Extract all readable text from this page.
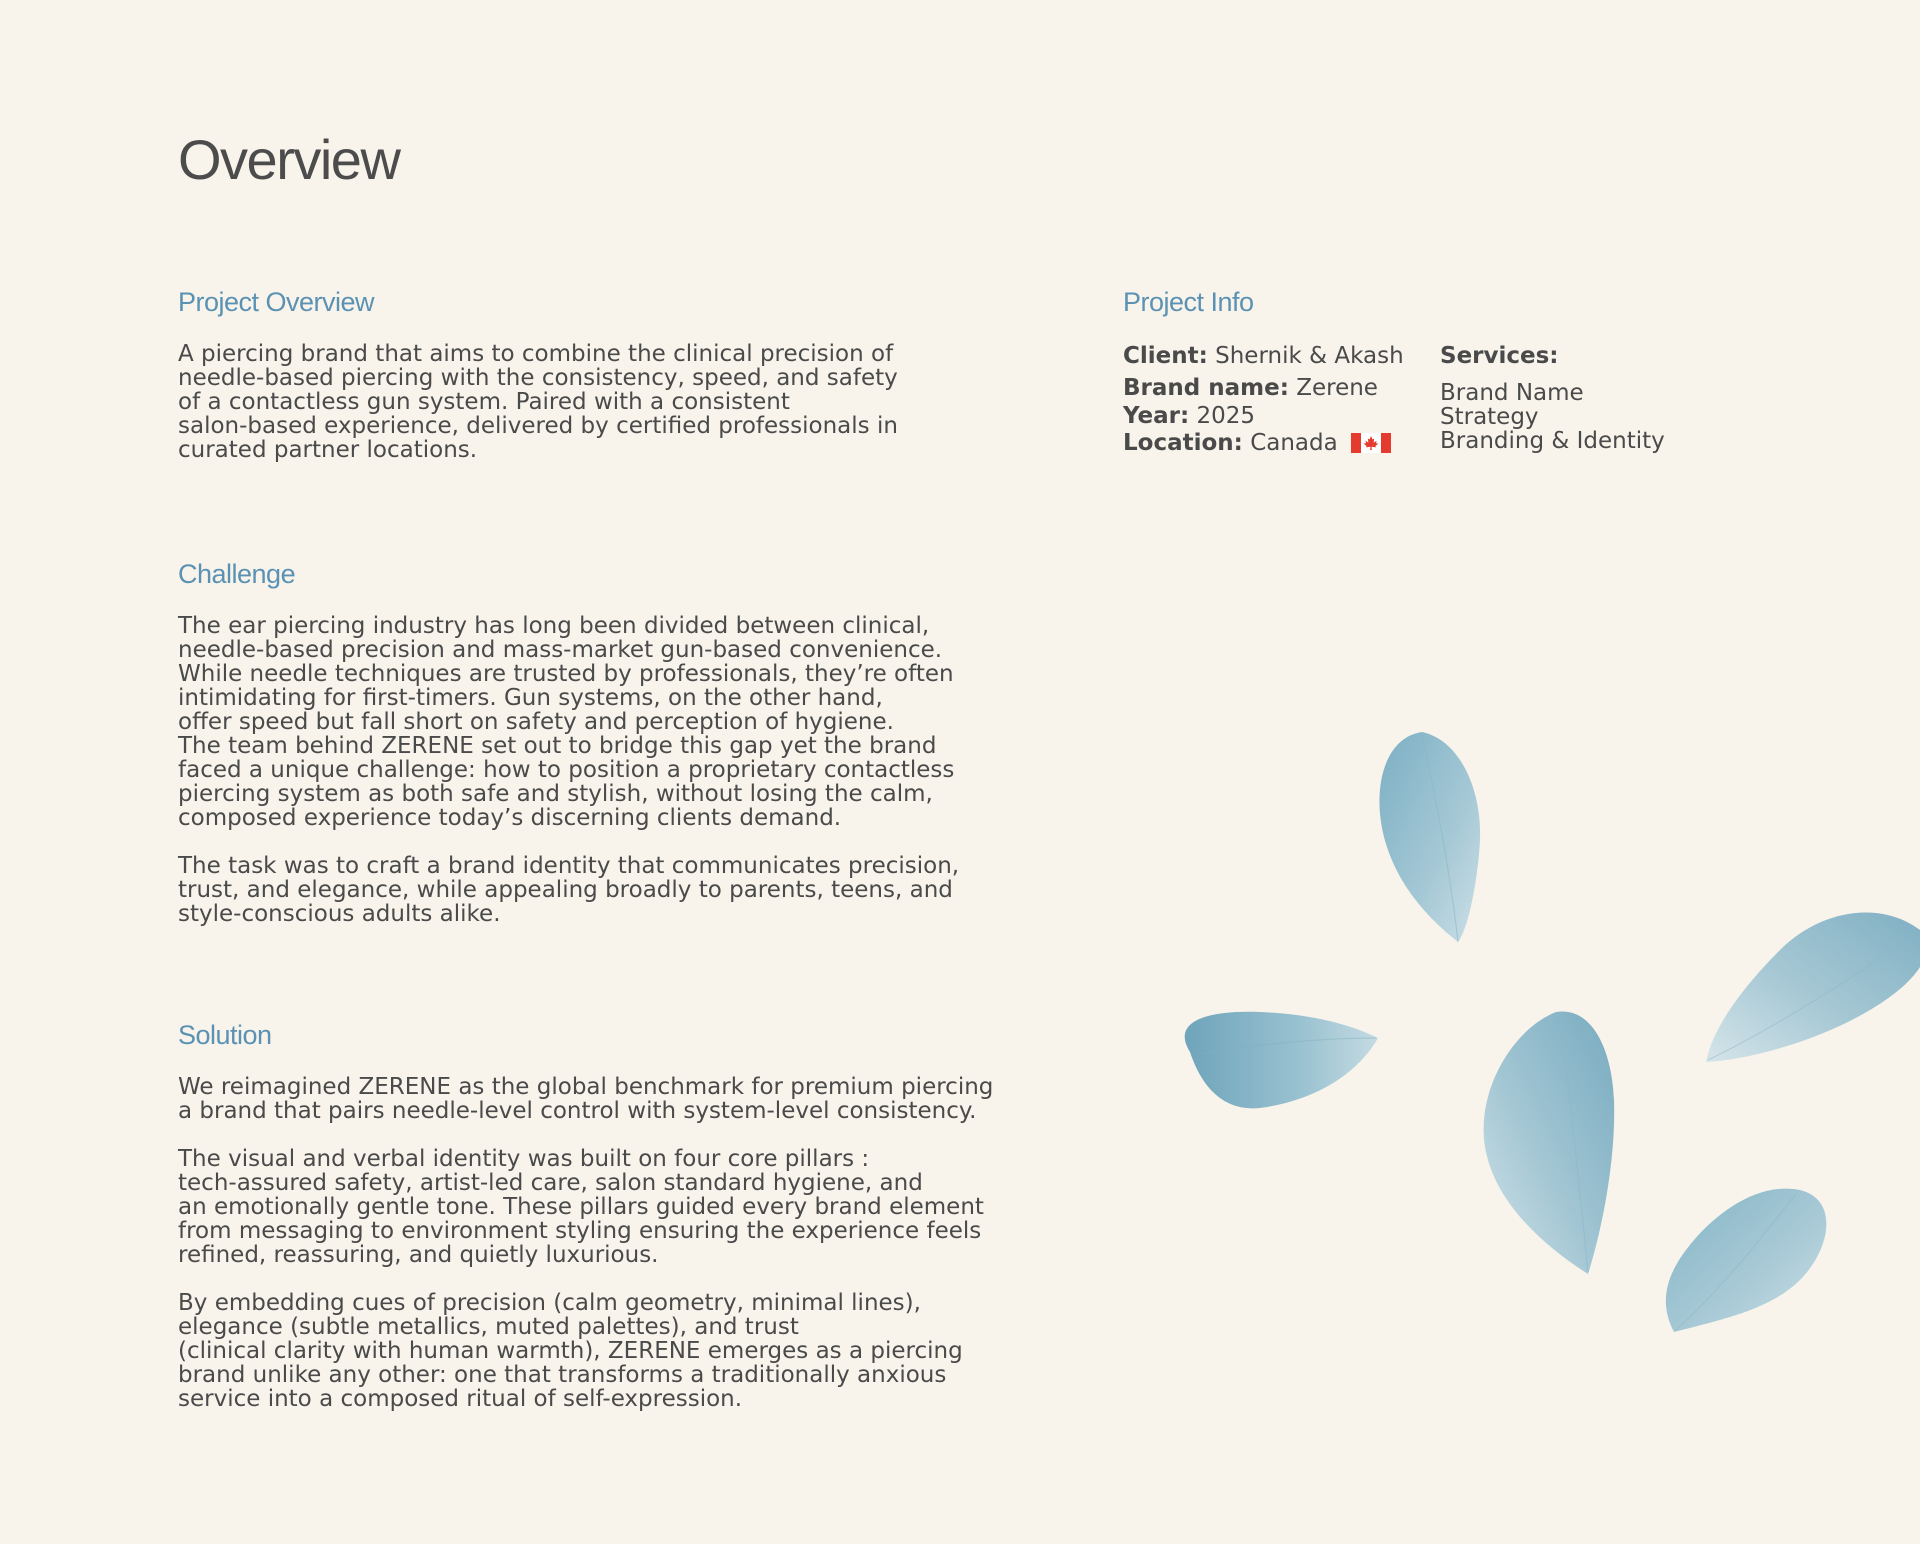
Overview
Project Overview

A piercing brand that aims to combine the clinical precision of
needle-based piercing with the consistency, speed, and safety
of a contactless gun system. Paired with a consistent
salon-based experience, delivered by certified professionals in
curated partner locations.

Challenge

The ear piercing industry has long been divided between clinical,
needle-based precision and mass-market gun-based convenience.
While needle techniques are trusted by professionals, they’re often
intimidating for first-timers. Gun systems, on the other hand,
offer speed but fall short on safety and perception of hygiene.
The team behind ZERENE set out to bridge this gap yet the brand
faced a unique challenge: how to position a proprietary contactless
piercing system as both safe and stylish, without losing the calm,
composed experience today’s discerning clients demand.

The task was to craft a brand identity that communicates precision,
trust, and elegance, while appealing broadly to parents, teens, and
style-conscious adults alike.

Solution

We reimagined ZERENE as the global benchmark for premium piercing
a brand that pairs needle-level control with system-level consistency.

The visual and verbal identity was built on four core pillars :
tech-assured safety, artist-led care, salon standard hygiene, and
an emotionally gentle tone. These pillars guided every brand element
from messaging to environment styling ensuring the experience feels
refined, reassuring, and quietly luxurious.

By embedding cues of precision (calm geometry, minimal lines),
elegance (subtle metallics, muted palettes), and trust
(clinical clarity with human warmth), ZERENE emerges as a piercing
brand unlike any other: one that transforms a traditionally anxious
service into a composed ritual of self-expression.

Project Info
Client: Shernik & Akash
Brand name: Zerene
Year: 2025
Location: Canada
Services:
Brand Name
Strategy
Branding & Identity
